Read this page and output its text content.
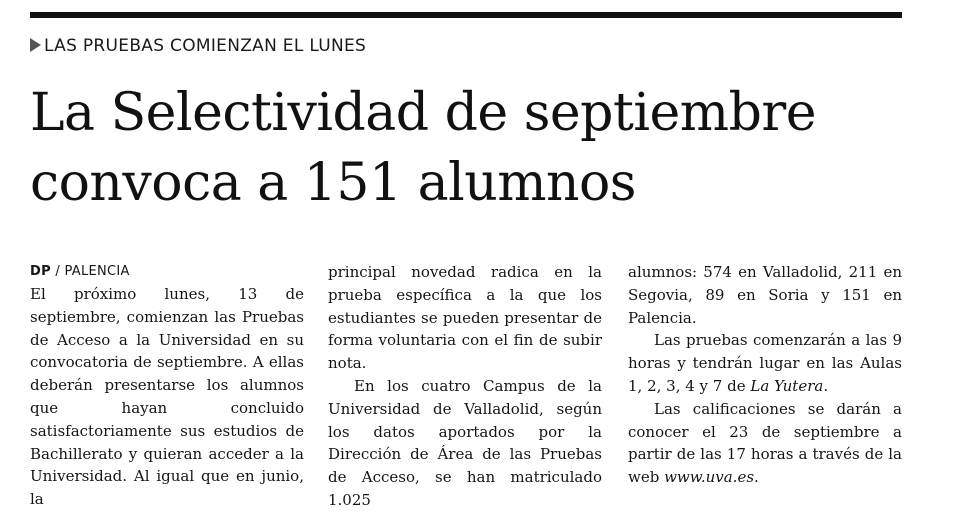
LAS PRUEBAS COMIENZAN EL LUNES
La Selectividad de septiembre
convoca a 151 alumnos
DP / PALENCIA

El próximo lunes, 13 de septiembre, comienzan las Pruebas de Acceso a la Universidad en su convocatoria de septiembre. A ellas deberán presentarse los alumnos que hayan concluido satisfactoriamente sus estudios de Bachillerato y quieran acceder a la Universidad. Al igual que en junio, la

principal novedad radica en la prueba específica a la que los estudiantes se pueden presentar de forma voluntaria con el fin de subir nota.

En los cuatro Campus de la Universidad de Valladolid, según los datos aportados por la Dirección de Área de las Pruebas de Acceso, se han matriculado 1.025

alumnos: 574 en Valladolid, 211 en Segovia, 89 en Soria y 151 en Palencia.

Las pruebas comenzarán a las 9 horas y tendrán lugar en las Aulas 1, 2, 3, 4 y 7 de La Yutera.

Las calificaciones se darán a conocer el 23 de septiembre a partir de las 17 horas a través de la web www.uva.es.
